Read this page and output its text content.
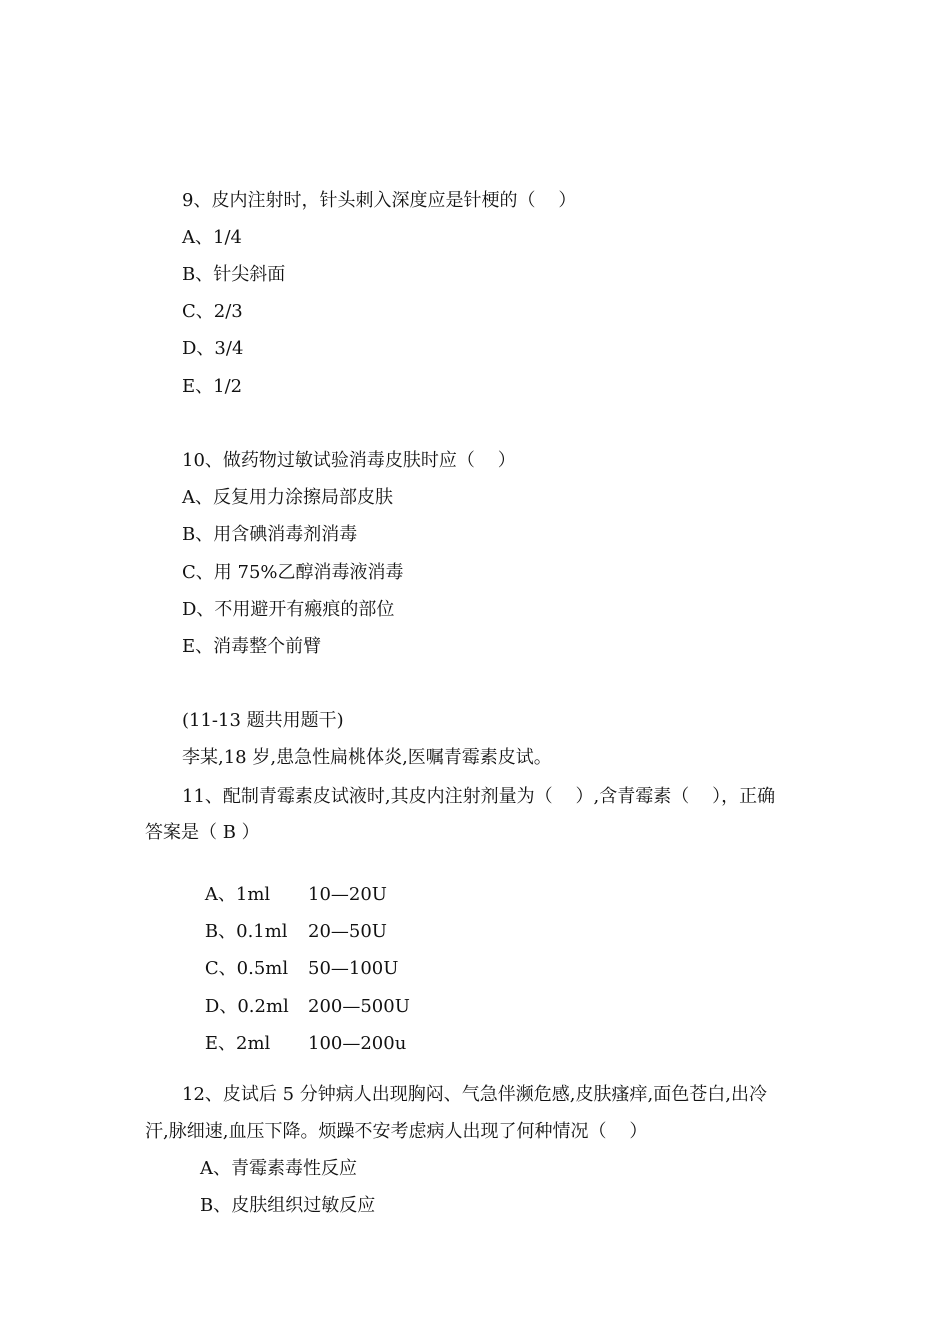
9、皮内注射时，针头刺入深度应是针梗的（    ）
A、1/4
B、针尖斜面
C、2/3
D、3/4
E、1/2
10、做药物过敏试验消毒皮肤时应（    ）
A、反复用力涂擦局部皮肤
B、用含碘消毒剂消毒
C、用 75%乙醇消毒液消毒
D、不用避开有瘢痕的部位
E、消毒整个前臂
(11-13 题共用题干)
李某,18 岁,患急性扁桃体炎,医嘱青霉素皮试。
11、配制青霉素皮试液时,其皮内注射剂量为（    ）,含青霉素（    ），正确
答案是（ B ）

A、1ml 10—20U

B、0.1ml 20—50U

C、0.5ml 50—100U

D、0.2ml 200—500U

E、2ml 100—200u

12、皮试后 5 分钟病人出现胸闷、气急伴濒危感,皮肤瘙痒,面色苍白,出冷
汗,脉细速,血压下降。烦躁不安考虑病人出现了何种情况（    ）
A、青霉素毒性反应
B、皮肤组织过敏反应
